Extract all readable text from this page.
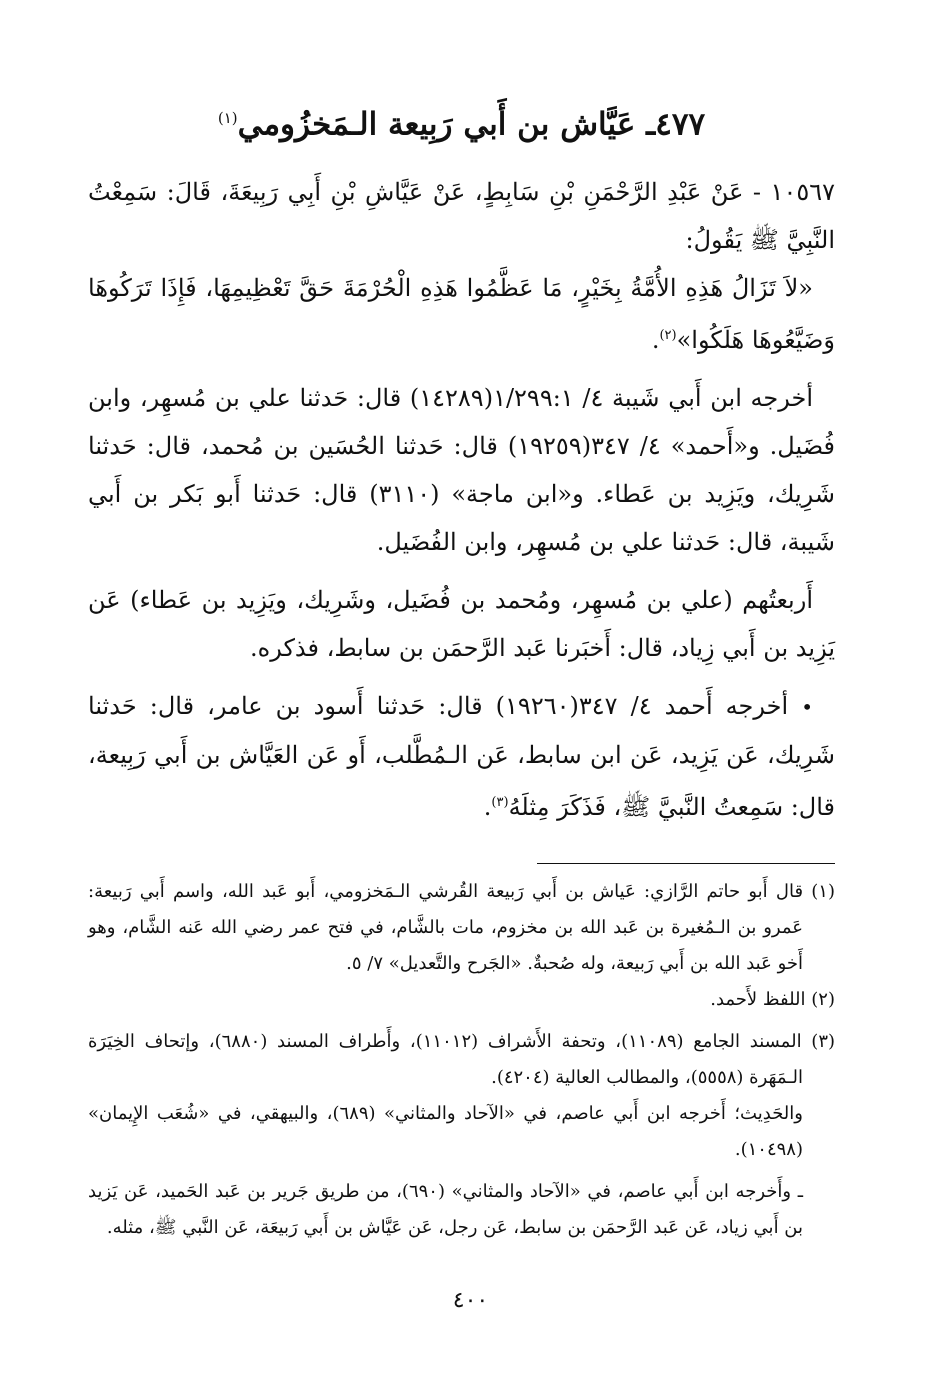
٤٧٧ـ عَيَّاش بن أَبي رَبِيعة الـمَخزُومي$^{(١)}$

١٠٥٦٧ - عَنْ عَبْدِ الرَّحْمَنِ بْنِ سَابِطٍ، عَنْ عَيَّاشِ بْنِ أَبِي رَبِيعَةَ، قَالَ: سَمِعْتُ النَّبِيَّ ﷺ يَقُولُ:

«لاَ تَزَالُ هَذِهِ الأُمَّةُ بِخَيْرٍ، مَا عَظَّمُوا هَذِهِ الْحُرْمَةَ حَقَّ تَعْظِيمِهَا، فَإِذَا تَرَكُوهَا وَضَيَّعُوهَا هَلَكُوا»$^{(٢)}$.

أخرجه ابن أَبي شَيبة ٤/ ١/٢٩٩:١(١٤٢٨٩) قال: حَدثنا علي بن مُسهِر، وابن فُضَيل. و«أَحمد» ٤/ ٣٤٧(١٩٢٥٩) قال: حَدثنا الحُسَين بن مُحمد، قال: حَدثنا شَرِيك، ويَزِيد بن عَطاء. و«ابن ماجة» (٣١١٠) قال: حَدثنا أَبو بَكر بن أَبي شَيبة، قال: حَدثنا علي بن مُسهِر، وابن الفُضَيل.

أَربعتُهم (علي بن مُسهِر، ومُحمد بن فُضَيل، وشَرِيك، ويَزِيد بن عَطاء) عَن يَزِيد بن أَبي زِياد، قال: أَخبَرنا عَبد الرَّحمَن بن سابط، فذكره.

• أخرجه أَحمد ٤/ ٣٤٧(١٩٢٦٠) قال: حَدثنا أَسود بن عامر، قال: حَدثنا شَرِيك، عَن يَزِيد، عَن ابن سابط، عَن الـمُطَّلب، أَو عَن العَيَّاش بن أَبي رَبِيعة، قال: سَمِعتُ النَّبيَّ ﷺ، فَذَكَرَ مِثلَهُ$^{(٣)}$.

(١) قال أَبو حاتم الرَّازي: عَياش بن أَبي رَبيعة القُرشي الـمَخزومي، أَبو عَبد الله، واسم أَبي رَبيعة: عَمرو بن الـمُغيرة بن عَبد الله بن مخزوم، مات بالشَّام، في فتح عمر رضي الله عَنه الشَّام، وهو أَخو عَبد الله بن أَبي رَبيعة، وله صُحبةٌ. «الجَرح والتَّعديل» ٧/ ٥.

(٢) اللفظ لأَحمد.

(٣) المسند الجامع (١١٠٨٩)، وتحفة الأَشراف (١١٠١٢)، وأَطراف المسند (٦٨٨٠)، وإتحاف الخِيَرَة الـمَهَرة (٥٥٥٨)، والمطالب العالية (٤٢٠٤).

والحَدِيث؛ أَخرجه ابن أَبي عاصم، في «الآحاد والمثاني» (٦٨٩)، والبيهقي، في «شُعَب الإِيمان» (١٠٤٩٨).

ـ وأَخرجه ابن أَبي عاصم، في «الآحاد والمثاني» (٦٩٠)، من طريق جَرير بن عَبد الحَميد، عَن يَزيد بن أَبي زياد، عَن عَبد الرَّحمَن بن سابط، عَن رجل، عَن عَيَّاش بن أَبي رَبيعَة، عَن النَّبي ﷺ، مثله.

٤٠٠
